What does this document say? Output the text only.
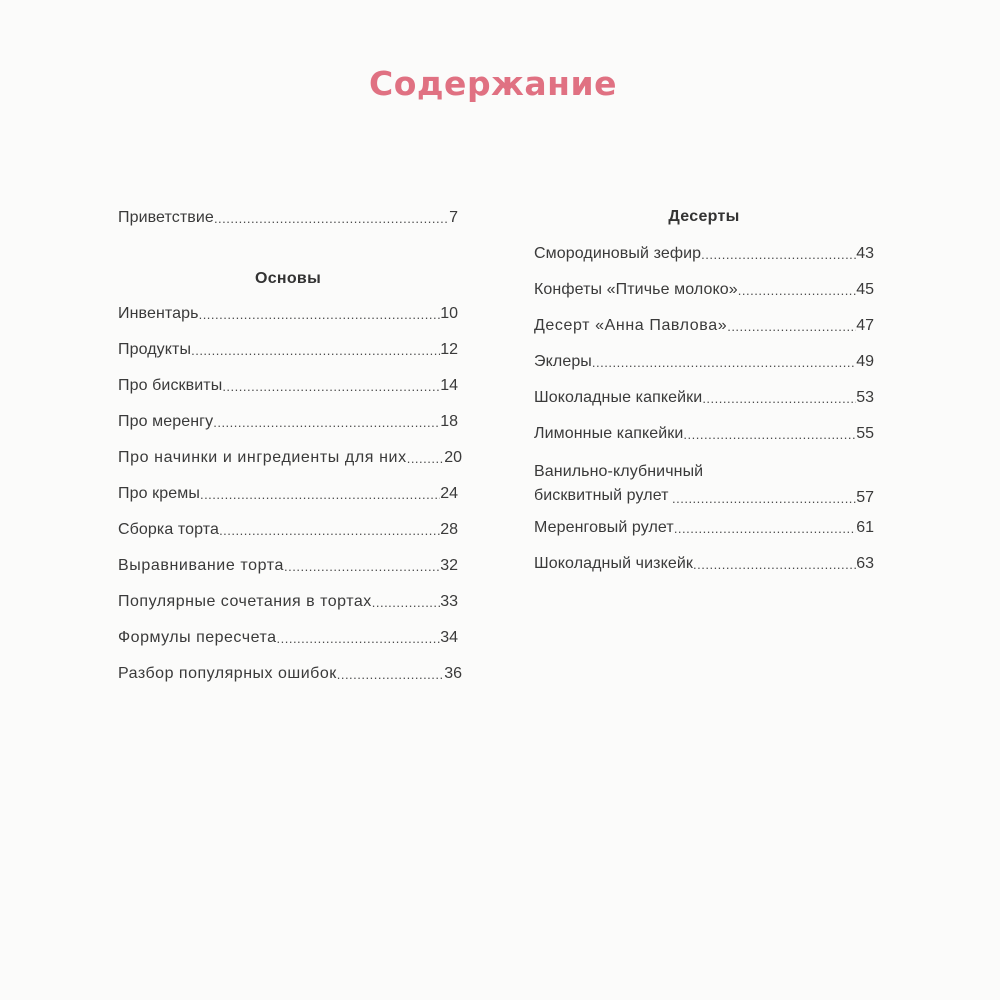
Содержание
Приветствие .....	7
Основы
Инвентарь .....	10
Продукты .....	12
Про бисквиты .....	14
Про меренгу .....	18
Про начинки и ингредиенты для них ..... 20
Про кремы .....	24
Сборка торта .....	28
Выравнивание торта .....	32
Популярные сочетания в тортах .....	33
Формулы пересчета .....	34
Разбор популярных ошибок .....	36
Десерты
Смородиновый зефир .....	43
Конфеты «Птичье молоко» .....	45
Десерт «Анна Павлова» .....	47
Эклеры .....	49
Шоколадные капкейки .....	53
Лимонные капкейки .....	55
Ванильно-клубничный
бисквитный рулет .....	57
Меренговый рулет .....	61
Шоколадный чизкейк .....	63
